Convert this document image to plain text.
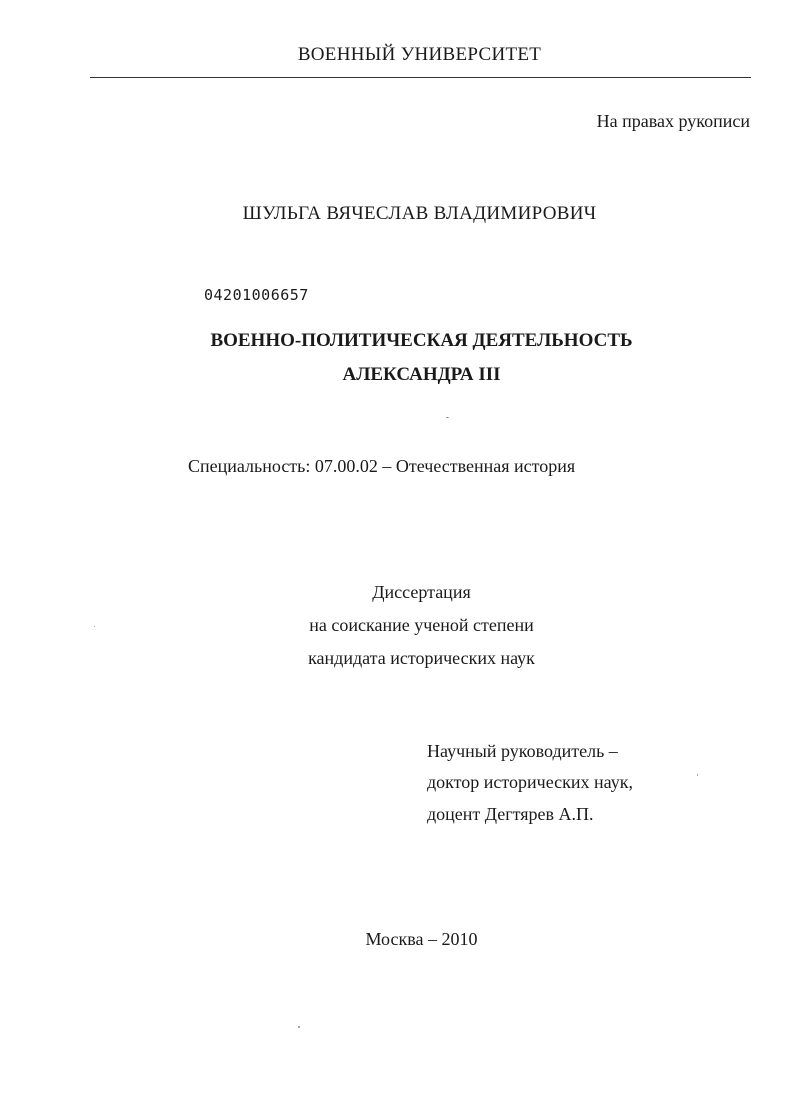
ВОЕННЫЙ УНИВЕРСИТЕТ
На правах рукописи
ШУЛЬГА ВЯЧЕСЛАВ ВЛАДИМИРОВИЧ
04201006657
ВОЕННО-ПОЛИТИЧЕСКАЯ ДЕЯТЕЛЬНОСТЬ
АЛЕКСАНДРА III
Специальность: 07.00.02 – Отечественная история
Диссертация
на соискание ученой степени
кандидата исторических наук
Научный руководитель –
доктор исторических наук,
доцент Дегтярев А.П.
Москва – 2010
